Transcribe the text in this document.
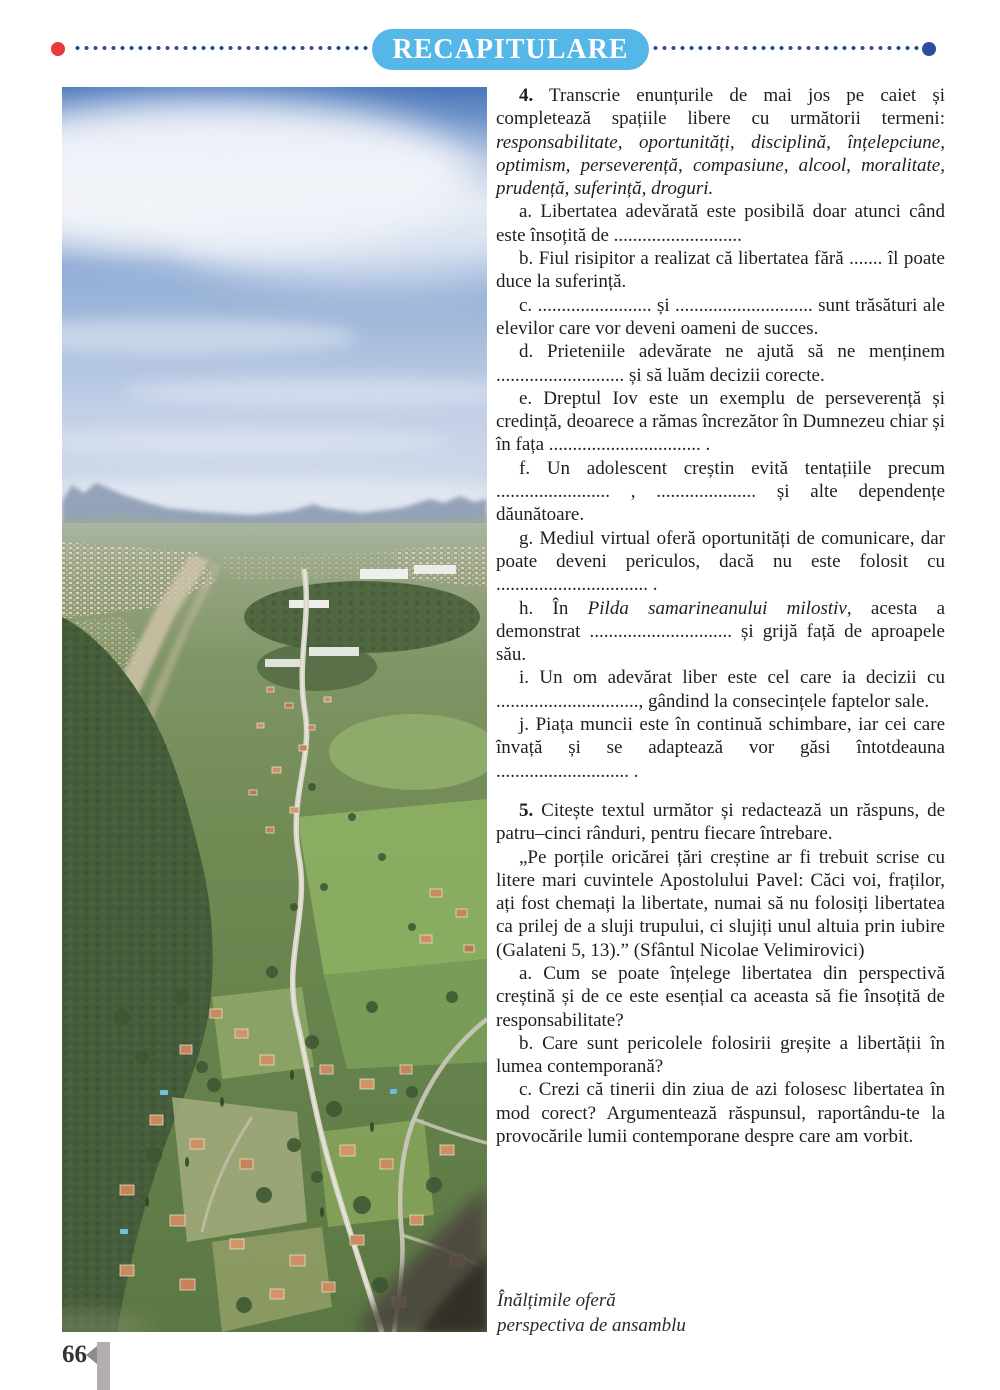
RECAPITULARE

4. Transcrie enunțurile de mai jos pe caiet și completează spațiile libere cu următorii termeni: responsabilitate, oportunități, disciplină, înțelepciune, optimism, perseverență, compasiune, alcool, moralitate, prudență, suferință, droguri.

a. Libertatea adevărată este posibilă doar atunci când este însoțită de ...........................

b. Fiul risipitor a realizat că libertatea fără ....... îl poate duce la suferință.

c. ........................ și ............................. sunt trăsături ale elevilor care vor deveni oameni de succes.

d. Prieteniile adevărate ne ajută să ne menținem ........................... și să luăm decizii corecte.

e. Dreptul Iov este un exemplu de perseverență și credință, deoarece a rămas încrezător în Dumnezeu chiar și în fața ................................ .

f. Un adolescent creștin evită tentațiile precum ........................ , ..................... și alte dependențe dăunătoare.

g. Mediul virtual oferă oportunități de comunicare, dar poate deveni periculos, dacă nu este folosit cu ................................ .

h. În Pilda samarineanului milostiv, acesta a demonstrat .............................. și grijă față de aproapele său.

i. Un om adevărat liber este cel care ia decizii cu .............................., gândind la consecințele faptelor sale.

j. Piața muncii este în continuă schimbare, iar cei care învață și se adaptează vor găsi întotdeauna ............................ .

5. Citește textul următor și redactează un răspuns, de patru–cinci rânduri, pentru fiecare întrebare.

„Pe porțile oricărei țări creștine ar fi trebuit scrise cu litere mari cuvintele Apostolului Pavel: Căci voi, fraților, ați fost chemați la libertate, numai să nu folosiți libertatea ca prilej de a sluji trupului, ci slujiți unul altuia prin iubire (Galateni 5, 13).” (Sfântul Nicolae Velimirovici)

a. Cum se poate înțelege libertatea din perspectivă creștină și de ce este esențial ca aceasta să fie însoțită de responsabilitate?

b. Care sunt pericolele folosirii greșite a libertății în lumea contemporană?

c. Crezi că tinerii din ziua de azi folosesc libertatea în mod corect? Argumentează răspunsul, raportându-te la provocările lumii contemporane despre care am vorbit.

Înălțimile oferă
perspectiva de ansamblu
66
